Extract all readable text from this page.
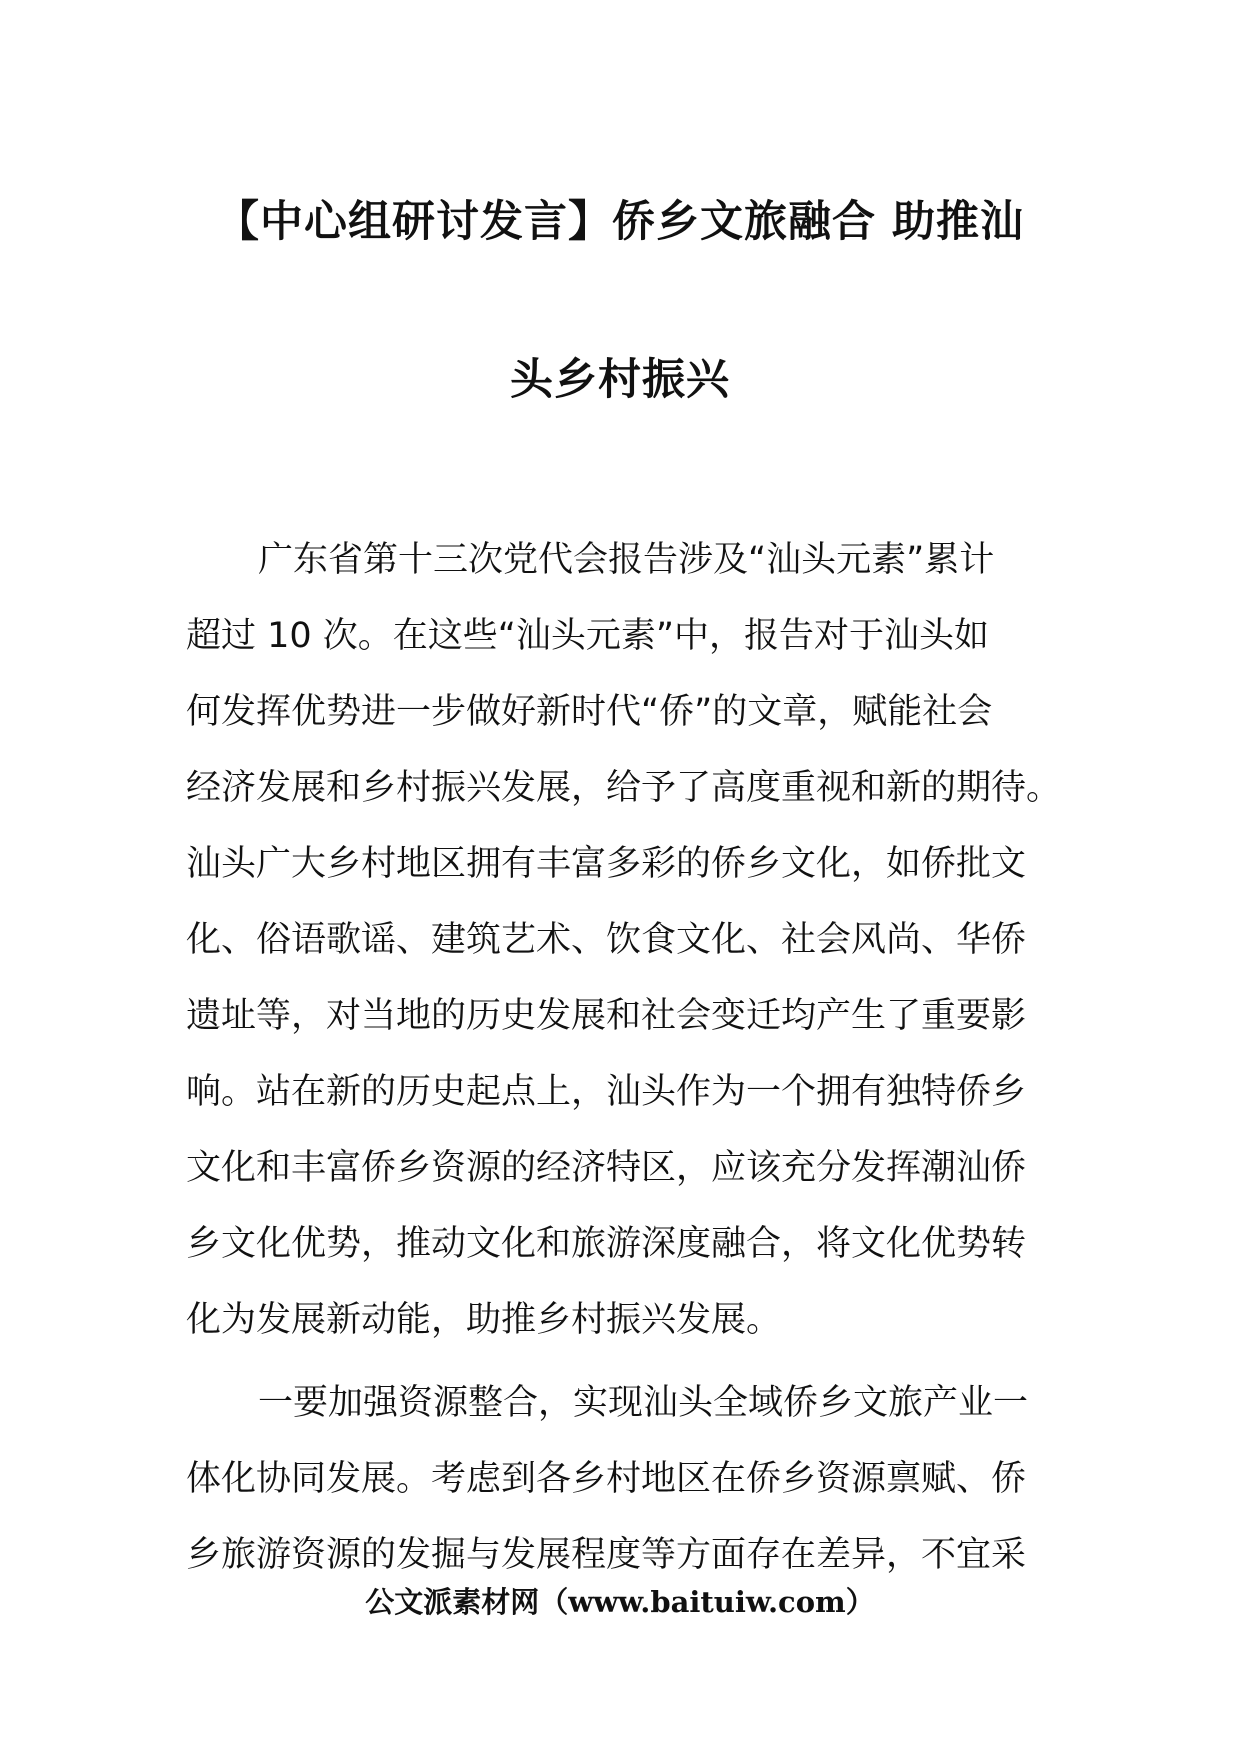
【中心组研讨发言】侨乡文旅融合 助推汕
头乡村振兴
广东省第十三次党代会报告涉及“汕头元素”累计
超过 10 次。在这些“汕头元素”中，报告对于汕头如
何发挥优势进一步做好新时代“侨”的文章，赋能社会
经济发展和乡村振兴发展，给予了高度重视和新的期待。
汕头广大乡村地区拥有丰富多彩的侨乡文化，如侨批文
化、俗语歌谣、建筑艺术、饮食文化、社会风尚、华侨
遗址等，对当地的历史发展和社会变迁均产生了重要影
响。站在新的历史起点上，汕头作为一个拥有独特侨乡
文化和丰富侨乡资源的经济特区，应该充分发挥潮汕侨
乡文化优势，推动文化和旅游深度融合，将文化优势转
化为发展新动能，助推乡村振兴发展。
一要加强资源整合，实现汕头全域侨乡文旅产业一
体化协同发展。考虑到各乡村地区在侨乡资源禀赋、侨
乡旅游资源的发掘与发展程度等方面存在差异，不宜采
公文派素材网（www.baituiw.com）
